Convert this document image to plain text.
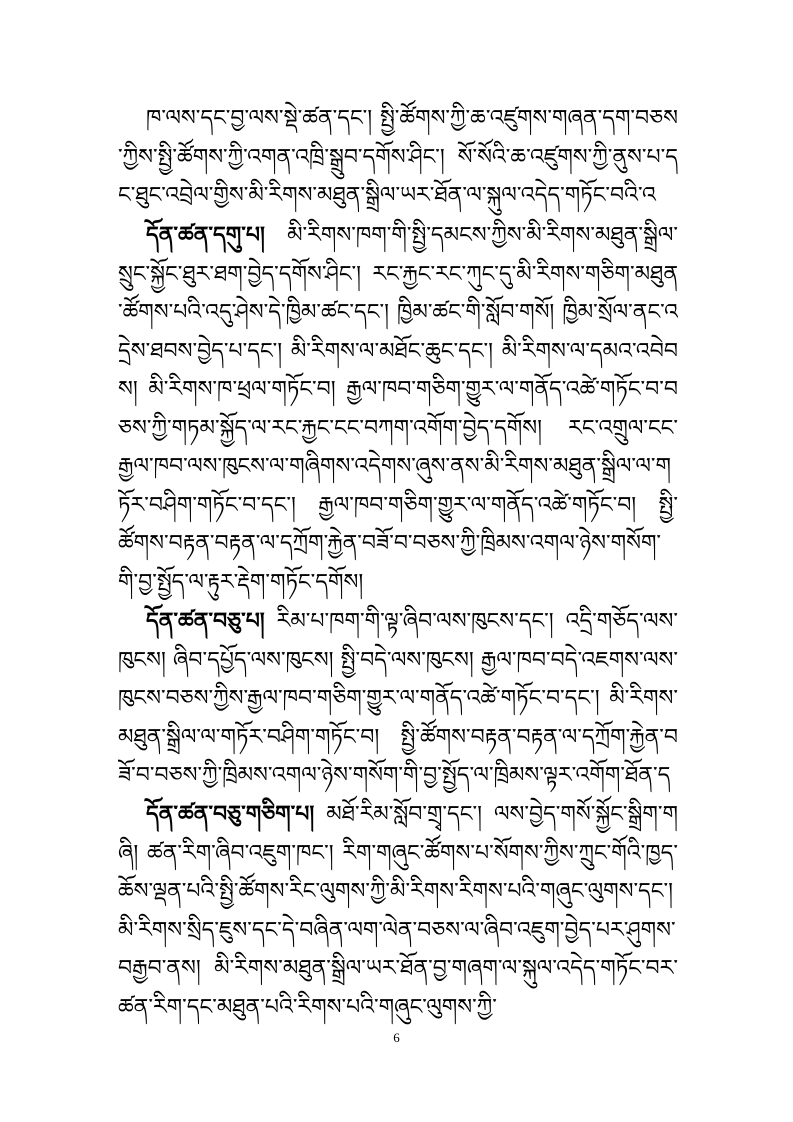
ཁ་ལས་དང་བྱ་ལས་སྡེ་ཚན་དང་། སྤྱི་ཚོགས་ཀྱི་ཆ་འཛུགས་གཞན་དག་བཅས་ཀྱིས་སྤྱི་ཚོགས་ཀྱི་འགན་འཁྲི་སྒྲུབ་དགོས་ཤིང་། སོ་སོའི་ཆ་འཛུགས་ཀྱི་ནུས་པ་དང་ཐུང་འབྲེལ་གྱིས་མི་རིགས་མཐུན་སྒྲིལ་ཡར་ཐོན་ལ་སྐུལ་འདེད་གཏོང་བའི་འ

དོན་ཚན་དགུ་པ། མི་རིགས་ཁག་གི་སྤྱི་དམངས་ཀྱིས་མི་རིགས་མཐུན་སྒྲིལ་སྲུང་སྐྱོང་ཐུར་ཐག་བྱེད་དགོས་ཤིང་། རང་རྐྱང་རང་ཀུང་དུ་མི་རིགས་གཅིག་མཐུན་ཚོགས་པའི་འདུ་ཤེས་དེ་ཁྱིམ་ཚང་དང་། ཁྱིམ་ཚང་གི་སློབ་གསོ། ཁྱིམ་སྲོལ་ནང་འདྲེས་ཐབས་བྱེད་པ་དང་། མི་རིགས་ལ་མཐོང་ཆུང་དང་། མི་རིགས་ལ་དམའ་འབེབས། མི་རིགས་ཁ་ཕྲལ་གཏོང་བ། རྒྱལ་ཁབ་གཅིག་གྱུར་ལ་གནོད་འཚེ་གཏོང་བ་བཅས་ཀྱི་གཏམ་སྐྱོད་ལ་རང་རྐྱང་ངང་བཀག་འགོག་བྱེད་དགོས། རང་འགྲུལ་ངང་རྒྱལ་ཁབ་ལས་ཁུངས་ལ་གཞིགས་འདེགས་ཞུས་ནས་མི་རིགས་མཐུན་སྒྲིལ་ལ་གཏོར་བཤིག་གཏོང་བ་དང་། རྒྱལ་ཁབ་གཅིག་གྱུར་ལ་གནོད་འཚེ་གཏོང་བ། སྤྱི་ཚོགས་བརྟན་བརྟན་ལ་དཀྲོག་རྐྱེན་བཟོ་བ་བཅས་ཀྱི་ཁྲིམས་འགལ་ཉེས་གསོག་གི་བྱ་སྤྱོད་ལ་རྟུར་རྡེག་གཏོང་དགོས།

དོན་ཚན་བཅུ་པ། རིམ་པ་ཁག་གི་ལྟ་ཞིབ་ལས་ཁུངས་དང་། འདྲི་གཅོད་ལས་ཁུངས། ཞིབ་དཔྱོད་ལས་ཁུངས། སྤྱི་བདེ་ལས་ཁུངས། རྒྱལ་ཁབ་བདེ་འཇགས་ལས་ཁུངས་བཅས་ཀྱིས་རྒྱལ་ཁབ་གཅིག་གྱུར་ལ་གནོད་འཚེ་གཏོང་བ་དང་། མི་རིགས་མཐུན་སྒྲིལ་ལ་གཏོར་བཤིག་གཏོང་བ། སྤྱི་ཚོགས་བརྟན་བརྟན་ལ་དཀྲོག་རྐྱེན་བཟོ་བ་བཅས་ཀྱི་ཁྲིམས་འགལ་ཉེས་གསོག་གི་བྱ་སྤྱོད་ལ་ཁྲིམས་ལྟར་འགོག་ཐོན་ད

དོན་ཚན་བཅུ་གཅིག་པ། མཐོ་རིམ་སློབ་གྲྭ་དང་། ལས་བྱེད་གསོ་སྐྱོང་སྒྲིག་གཞི། ཚན་རིག་ཞིབ་འཇུག་ཁང་། རིག་གཞུང་ཚོགས་པ་སོགས་ཀྱིས་ཀྲུང་གོའི་ཁྱད་ཆོས་ལྡན་པའི་སྤྱི་ཚོགས་རིང་ལུགས་ཀྱི་མི་རིགས་རིགས་པའི་གཞུང་ལུགས་དང་། མི་རིགས་སྲིད་ཇུས་དང་དེ་བཞིན་ལག་ལེན་བཅས་ལ་ཞིབ་འཇུག་བྱེད་པར་ཤུགས་བརྒྱབ་ནས། མི་རིགས་མཐུན་སྒྲིལ་ཡར་ཐོན་བྱ་གཞག་ལ་སྐུལ་འདེད་གཏོང་བར་ཚན་རིག་དང་མཐུན་པའི་རིགས་པའི་གཞུང་ལུགས་ཀྱི་

6
